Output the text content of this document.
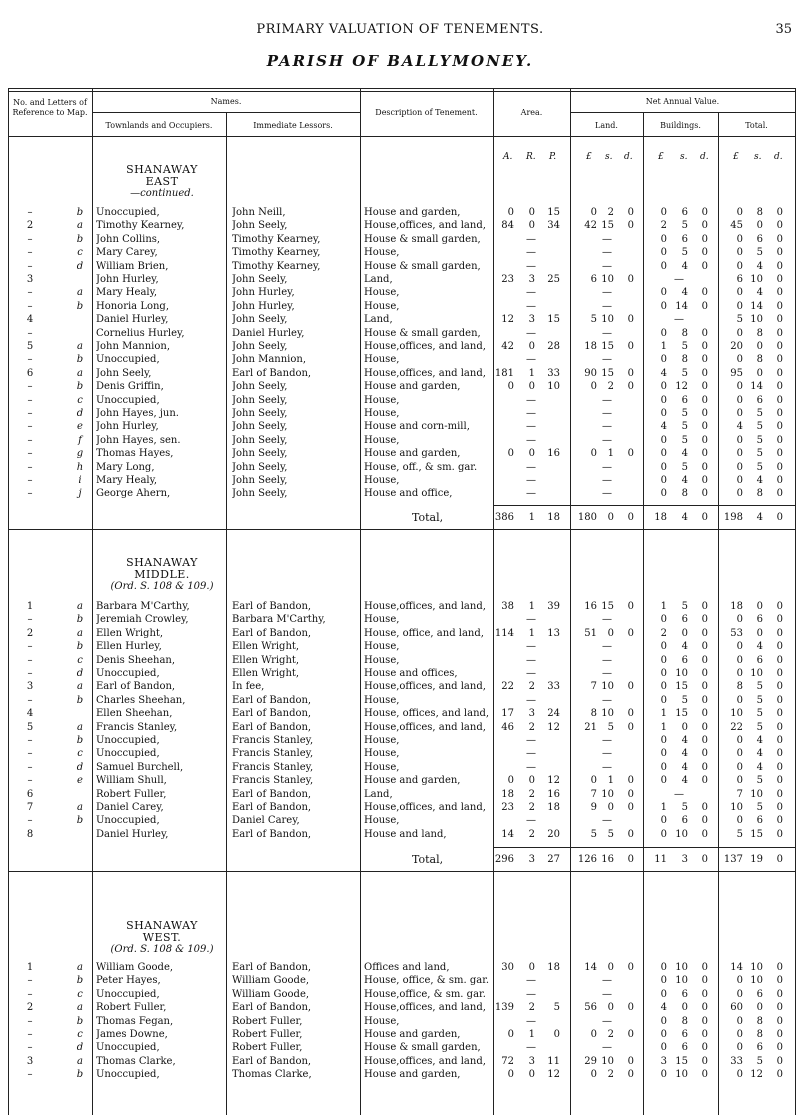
PRIMARY VALUATION OF TENEMENTS.	35
PARISH OF BALLYMONEY.
No. and Letters of Reference to Map.
Names.
Townlands and Occupiers.	Immediate Lessors.
Description of Tenement.	Area.
Net Annual Value.
Land.	Buildings.	Total.
A. R. P.	£ s. d.	£ s. d.	£ s. d.
SHANAWAY
EAST
—continued.
–	b Unoccupied,	John Neill,	House and garden,	0	0	15	0	2	0	0	6	0	0	8	0
2	a	Timothy Kearney,	John Seely,	House,offices, and land,	84	0	34	42 15	0	2	5	0	45	0	0
–	b John Collins,	Timothy Kearney,	House & small garden,	—	—	0	6	0	0	6	0
–	c	Mary Carey,	Timothy Kearney,	House,	—	—	0	5	0	0	5	0
–	d William Brien,	Timothy Kearney,	House & small garden,	—	—	0	4	0	0	4	0
3	John Hurley,	John Seely,	Land,	23	3	25	6 10	0	—	6 10	0
–	a	Mary Healy,	John Hurley,	House,	—	—	0	4	0	0	4	0
–	b Honoria Long,	John Hurley,	House,	—	—	0 14	0	0 14	0
4	Daniel Hurley,	John Seely,	Land,	12	3	15	5 10	0	—	5 10	0
–	Cornelius Hurley,	Daniel Hurley,	House & small garden,	—	—	0	8	0	0	8	0
5	a	John Mannion,	John Seely,	House,offices, and land,	42	0	28	18 15	0	1	5	0	20	0	0
–	b Unoccupied,	John Mannion,	House,	—	—	0	8	0	0	8	0
6	a	John Seely,	Earl of Bandon,	House,offices, and land, 181	1	33	90 15	0	4	5	0	95	0	0
–	b Denis Griffin,	John Seely,	House and garden,	0	0	10	0	2	0	0 12	0	0 14	0
–	c	Unoccupied,	John Seely,	House,	—	—	0	6	0	0	6	0
–	d John Hayes, jun.	John Seely,	House,	—	—	0	5	0	0	5	0
–	e	John Hurley,	John Seely,	House and corn-mill,	—	—	4	5	0	4	5	0
–	f	John Hayes, sen.	John Seely,	House,	—	—	0	5	0	0	5	0
–	g Thomas Hayes,	John Seely,	House and garden,	0	0	16	0	1	0	0	4	0	0	5	0
–	h Mary Long,	John Seely,	House, off., & sm. gar.	—	—	0	5	0	0	5	0
–	i	Mary Healy,	John Seely,	House,	—	—	0	4	0	0	4	0
–	j	George Ahern,	John Seely,	House and office,	—	—	0	8	0	0	8	0
Total,	386	1	18 180	0	0	18	4	0 198	4	0
SHANAWAY
MIDDLE.
(Ord. S. 108 & 109.)
1	a	Barbara M'Carthy,	Earl of Bandon,	House,offices, and land,	38	1	39	16 15	0	1	5	0	18	0	0
–	b Jeremiah Crowley,	Barbara M'Carthy,	House,	—	—	0	6	0	0	6	0
2	a	Ellen Wright,	Earl of Bandon,	House, office, and land,	114	1	13	51	0	0	2	0	0	53	0	0
–	b Ellen Hurley,	Ellen Wright,	House,	—	—	0	4	0	0	4	0
–	c	Denis Sheehan,	Ellen Wright,	House,	—	—	0	6	0	0	6	0
–	d Unoccupied,	Ellen Wright,	House and offices,	—	—	0 10	0	0 10	0
3	a	Earl of Bandon,	In fee,	House,offices, and land,	22	2	33	7 10	0	0 15	0	8	5	0
–	b Charles Sheehan,	Earl of Bandon,	House,	—	—	0	5	0	0	5	0
4	Ellen Sheehan,	Earl of Bandon,	House, offices, and land,	17	3	24	8 10	0	1 15	0	10	5	0
5	a	Francis Stanley,	Earl of Bandon,	House,offices, and land,	46	2	12	21	5	0	1	0	0	22	5	0
–	b Unoccupied,	Francis Stanley,	House,	—	—	0	4	0	0	4	0
–	c	Unoccupied,	Francis Stanley,	House,	—	—	0	4	0	0	4	0
–	d Samuel Burchell,	Francis Stanley,	House,	—	—	0	4	0	0	4	0
–	e	William Shull,	Francis Stanley,	House and garden,	0	0	12	0	1	0	0	4	0	0	5	0
6	Robert Fuller,	Earl of Bandon,	Land,	18	2	16	7 10	0	—	7 10	0
7	a	Daniel Carey,	Earl of Bandon,	House,offices, and land,	23	2	18	9	0	0	1	5	0	10	5	0
–	b Unoccupied,	Daniel Carey,	House,	—	—	0	6	0	0	6	0
8	Daniel Hurley,	Earl of Bandon,	House and land,	14	2	20	5	5	0	0 10	0	5 15	0
Total,	296	3	27 126 16	0	11	3	0 137 19	0
SHANAWAY
WEST.
(Ord. S. 108 & 109.)
1	a	William Goode,	Earl of Bandon,	Offices and land,	30	0	18	14	0	0	0 10	0	14 10	0
–	b Peter Hayes,	William Goode,	House, office, & sm. gar.	—	—	0 10	0	0 10	0
–	c	Unoccupied,	William Goode,	House,office, & sm. gar.	—	—	0	6	0	0	6	0
2	a	Robert Fuller,	Earl of Bandon,	House,offices, and land, 139	2	5	56	0	0	4	0	0	60	0	0
–	b Thomas Fegan,	Robert Fuller,	House,	—	—	0	8	0	0	8	0
–	c	James Downe,	Robert Fuller,	House and garden,	0	1	0	0	2	0	0	6	0	0	8	0
–	d Unoccupied,	Robert Fuller,	House & small garden,	—	—	0	6	0	0	6	0
3	a	Thomas Clarke,	Earl of Bandon,	House,offices, and land,	72	3	11	29 10	0	3 15	0	33	5	0
–	b Unoccupied,	Thomas Clarke,	House and garden,	0	0	12	0	2	0	0 10	0	0 12	0
